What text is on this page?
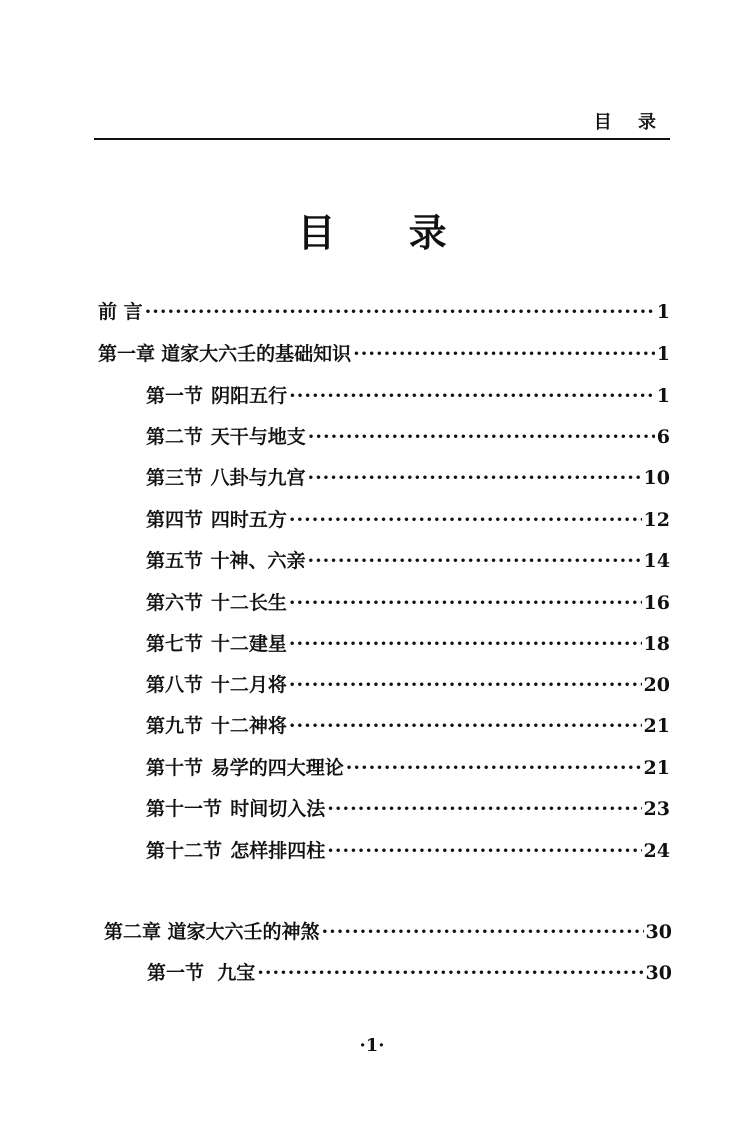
目 录
目 录
前 言 ·····	1
第一章 道家大六壬的基础知识 ·····	1
第一节 阴阳五行 ·····	1
第二节 天干与地支 ·····	6
第三节 八卦与九宫 ·····	10
第四节 四时五方 ·····	12
第五节 十神、六亲 ·····	14
第六节 十二长生 ·····	16
第七节 十二建星 ·····	18
第八节 十二月将 ·····	20
第九节 十二神将 ·····	21
第十节 易学的四大理论 ·····	21
第十一节 时间切入法 ·····	23
第十二节 怎样排四柱 ·····	24
第二章 道家大六壬的神煞 ·····	30
第一节 九宝 ·····	30
·1·
